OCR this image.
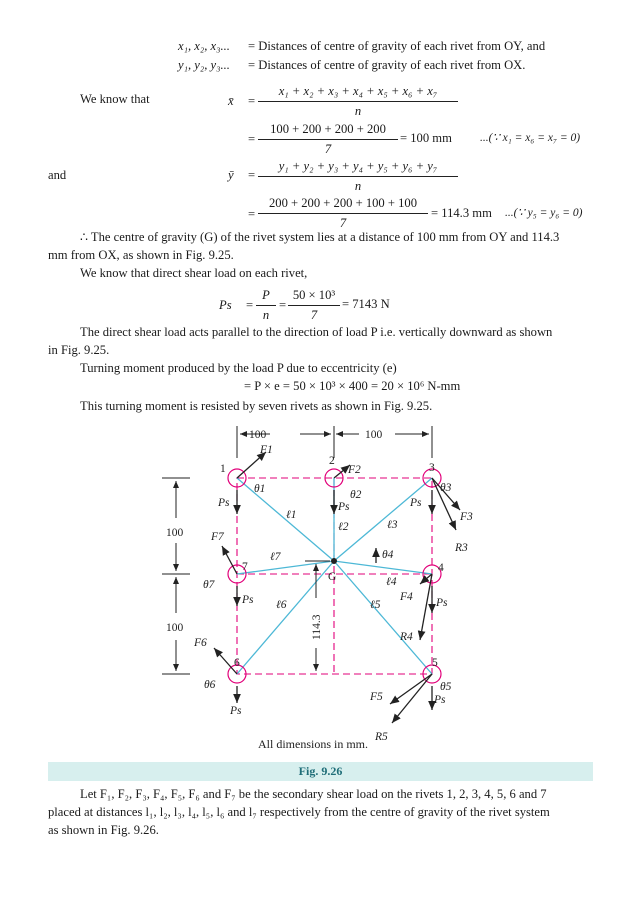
x₁, x₂, x₃... = Distances of centre of gravity of each rivet from OY, and
y₁, y₂, y₃... = Distances of centre of gravity of each rivet from OX.
We know that	x̄ = $\frac{\text{x₁ + x₂ + x₃ + x₄ + x₅ + x₆ + x₇}}{n}$
= $\frac{100 + 200 + 200 + 200}{7} = 100$ mm ...(∵ x₁ = x₆ = x₇ = 0)
and	ȳ = $\frac{\text{y₁ + y₂ + y₃ + y₄ + y₅ + y₆ + y₇}}{n}$
= $\frac{200 + 200 + 200 + 100 + 100}{7} = 114.3$ mm ...(∵ y₅ = y₆ = 0)
∴ The centre of gravity (G) of the rivet system lies at a distance of 100 mm from OY and 114.3
mm from OX, as shown in Fig. 9.25.
We know that direct shear load on each rivet,
$Ps = \frac{P}{n} = \frac{\text{50 × 10³}}{7} = 7143$ N
The direct shear load acts parallel to the direction of load P i.e. vertically downward as shown
in Fig. 9.25.
Turning moment produced by the load P due to eccentricity (e)
= P × e = 50 × 10³ × 400 = 20 × 10⁶ N-mm
This turning moment is resisted by seven rivets as shown in Fig. 9.25.
100	100
100
100	114.3
1
2
3
4
5
6
7
G
F1
F2
F3
F4
F5
F6
F7
R3
R4
R5
θ1	θ2
θ3
θ4
θ5
θ6
θ7
ℓ1
ℓ2	ℓ3
ℓ4
ℓ5
ℓ6
ℓ7
Ps	Ps	Ps
Ps
Ps
Ps
Ps
All dimensions in mm.
Fig. 9.26
Let F₁, F₂, F₃, F₄, F₅, F₆ and F₇ be the secondary shear load on the rivets 1, 2, 3, 4, 5, 6 and 7
placed at distances l₁, l₂, l₃, l₄, l₅, l₆ and l₇ respectively from the centre of gravity of the rivet system
as shown in Fig. 9.26.
